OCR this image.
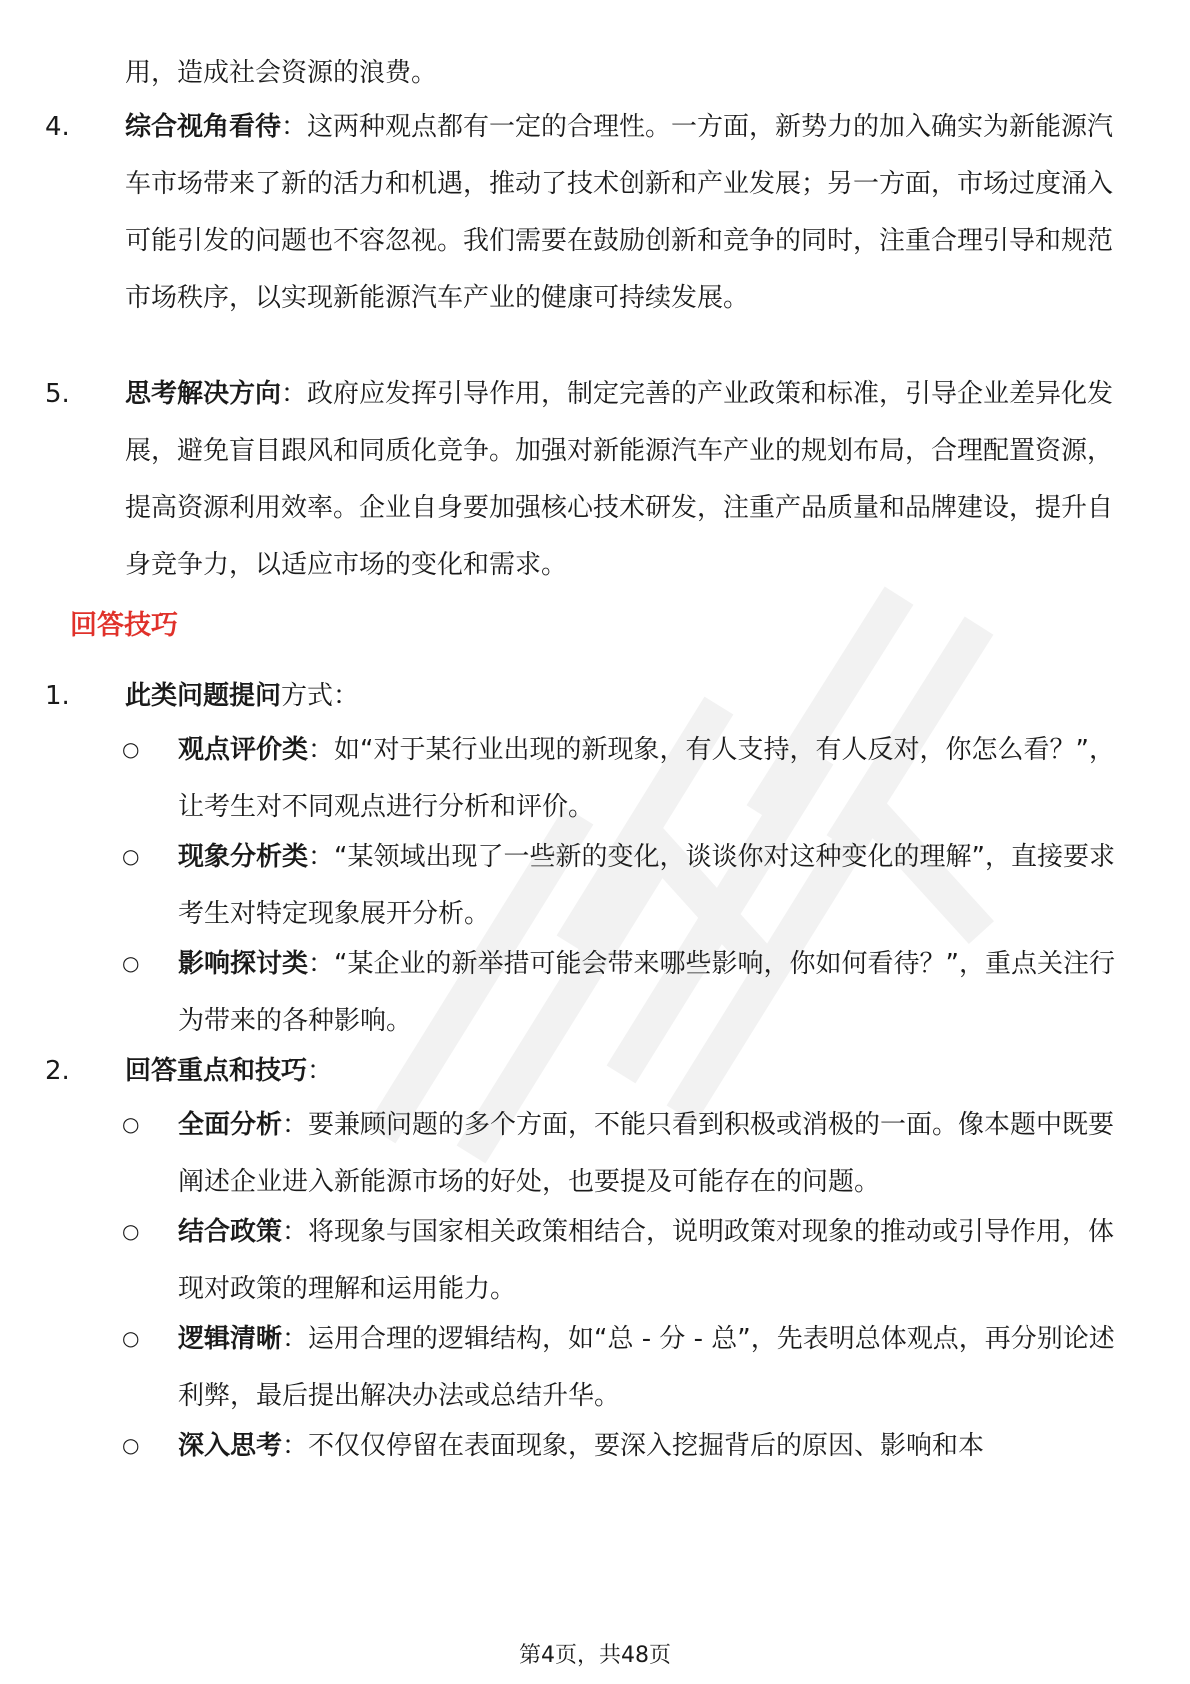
用，造成社会资源的浪费。

4. 综合视角看待：这两种观点都有一定的合理性。一方面，新势力的加入确实为新能源汽车市场带来了新的活力和机遇，推动了技术创新和产业发展；另一方面，市场过度涌入可能引发的问题也不容忽视。我们需要在鼓励创新和竞争的同时，注重合理引导和规范市场秩序，以实现新能源汽车产业的健康可持续发展。
5. 思考解决方向：政府应发挥引导作用，制定完善的产业政策和标准，引导企业差异化发展，避免盲目跟风和同质化竞争。加强对新能源汽车产业的规划布局，合理配置资源，提高资源利用效率。企业自身要加强核心技术研发，注重产品质量和品牌建设，提升自身竞争力，以适应市场的变化和需求。
回答技巧
1. 此类问题提问方式：
○ 观点评价类：如“对于某行业出现的新现象，有人支持，有人反对，你怎么看？”，让考生对不同观点进行分析和评价。
○ 现象分析类：“某领域出现了一些新的变化，谈谈你对这种变化的理解”，直接要求考生对特定现象展开分析。
○ 影响探讨类：“某企业的新举措可能会带来哪些影响，你如何看待？”，重点关注行为带来的各种影响。
2. 回答重点和技巧：
○ 全面分析：要兼顾问题的多个方面，不能只看到积极或消极的一面。像本题中既要阐述企业进入新能源市场的好处，也要提及可能存在的问题。
○ 结合政策：将现象与国家相关政策相结合，说明政策对现象的推动或引导作用，体现对政策的理解和运用能力。
○ 逻辑清晰：运用合理的逻辑结构，如“总 - 分 - 总”，先表明总体观点，再分别论述利弊，最后提出解决办法或总结升华。
○ 深入思考：不仅仅停留在表面现象，要深入挖掘背后的原因、影响和本
第4页，共48页
